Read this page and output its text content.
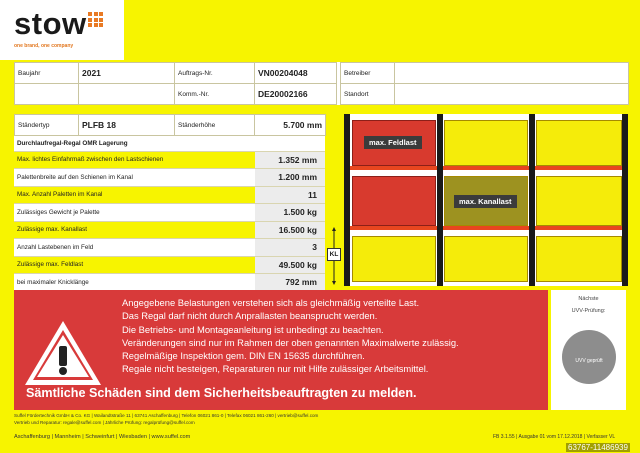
stow
one brand, one company
Baujahr	2021	Auftrags-Nr.	VN00204048		Betreiber	
		Komm.-Nr.	DE20002166		Standort	
Ständertyp	PLFB 18	Ständerhöhe	5.700 mm
Durchlaufregal-Regal OMR Lagerung	
Max. lichtes Einfahrmaß zwischen den Lastschienen	1.352 mm
Palettenbreite auf den Schienen im Kanal	1.200 mm
Max. Anzahl Paletten im Kanal	11
Zulässiges Gewicht je Palette	1.500 kg
Zulässige max. Kanallast	16.500 kg
Anzahl Lastebenen im Feld	3
Zulässige max. Feldlast	49.500 kg
bei maximaler Knicklänge	792 mm
max. Feldlast
max. Kanallast
KL
Angegebene Belastungen verstehen sich als gleichmäßig verteilte Last.
Das Regal darf nicht durch Anprallasten beansprucht werden.
Die Betriebs- und Montageanleitung ist unbedingt zu beachten.
Veränderungen sind nur im Rahmen der oben genannten Maximalwerte zulässig.
Regelmäßige Inspektion gem. DIN EN 15635 durchführen.
Regale nicht besteigen, Reparaturen nur mit Hilfe zulässiger Arbeitsmittel.
Sämtliche Schäden sind dem Sicherheitsbeauftragten zu melden.
Nächste
UVV-Prüfung:
UVV geprüft
Suffel Fördertechnik GmbH & Co. KG | Wailandtstraße 11 | 63741 Aschaffenburg | Telefon 06021 861-0 | Telefax 06021 861-260 | vertrieb@suffel.com
Vertrieb und Reparatur: regale@suffel.com | Jährliche Prüfung: regalprüfung@suffel.com
Aschaffenburg | Mannheim | Schweinfurt | Wiesbaden | www.suffel.com	FB 3.1.55 | Ausgabe 01 vom 17.12.2018 | Verfasser VL
63767-11486939
